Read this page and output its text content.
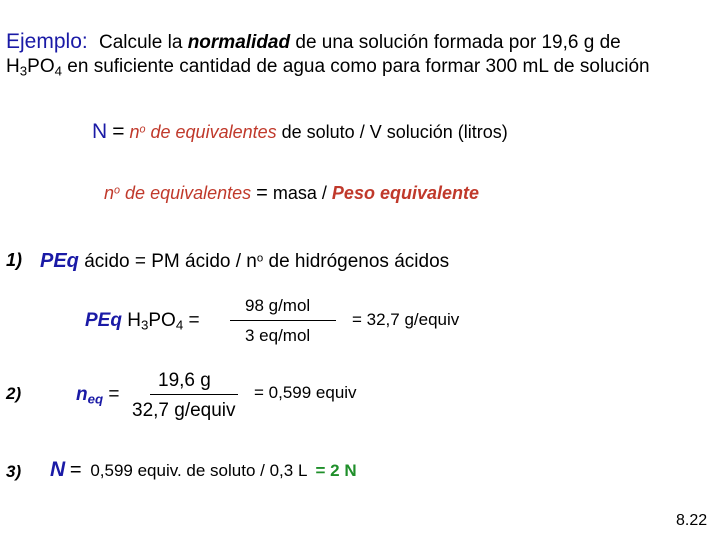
Ejemplo: Calcule la normalidad de una solución formada por 19,6 g de
$H_3PO_4$ en suficiente cantidad de agua como para formar 300 mL de solución
$N = n^o$ de equivalentes de soluto / V solución (litros)
$n^o$ de equivalentes = masa / Peso equivalente
1) PEq ácido = PM ácido / $n^o$ de hidrógenos ácidos
PEq $H_3PO_4$ =
98 g/mol
3 eq/mol
= 32,7 g/equiv
2)	$n_{eq}$ =
19,6 g
32,7 g/equiv
= 0,599 equiv
3) N = 0,599 equiv. de soluto / 0,3 L = 2 N
8.22
